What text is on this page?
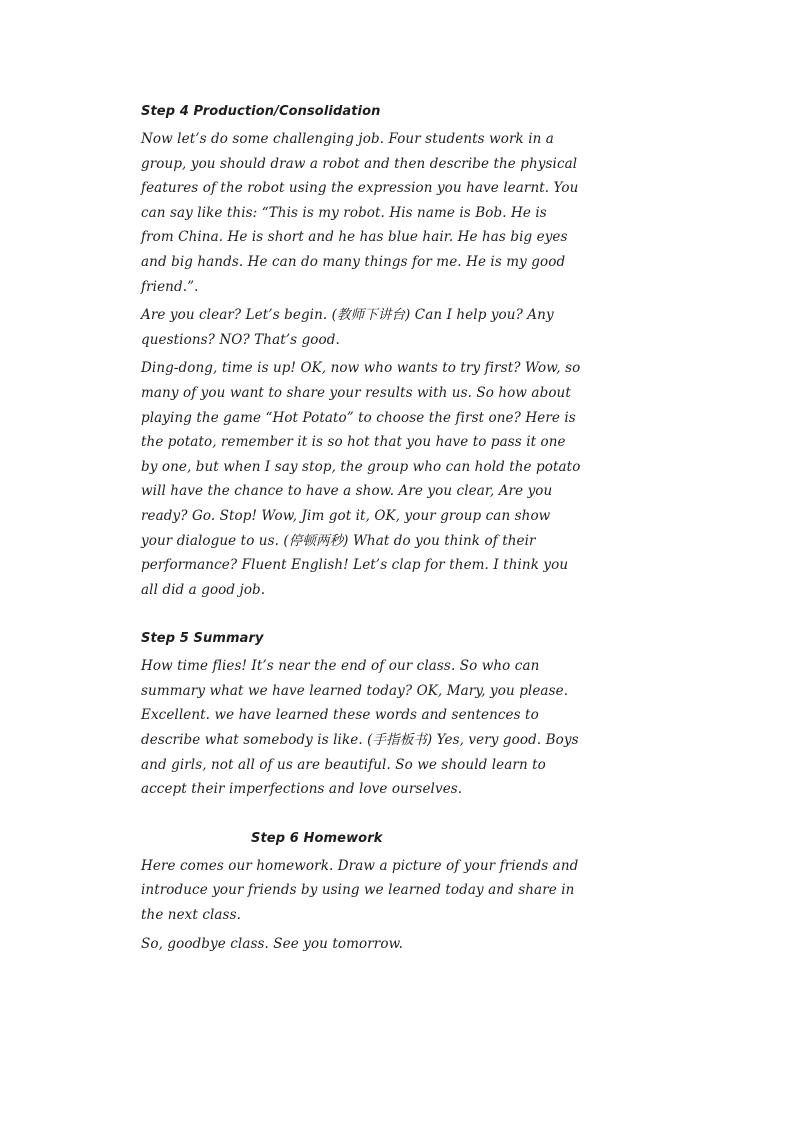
Step 4 Production/Consolidation

Now let’s do some challenging job. Four students work in a group, you should draw a robot and then describe the physical features of the robot using the expression you have learnt. You can say like this: “This is my robot. His name is Bob. He is from China. He is short and he has blue hair. He has big eyes and big hands. He can do many things for me. He is my good friend.”.

Are you clear? Let’s begin. (教师下讲台) Can I help you? Any questions? NO? That’s good.

Ding-dong, time is up! OK, now who wants to try first? Wow, so many of you want to share your results with us. So how about playing the game “Hot Potato” to choose the first one? Here is the potato, remember it is so hot that you have to pass it one by one, but when I say stop, the group who can hold the potato will have the chance to have a show. Are you clear, Are you ready? Go. Stop! Wow, Jim got it, OK, your group can show your dialogue to us. (停顿两秒) What do you think of their performance? Fluent English! Let’s clap for them. I think you all did a good job.

Step 5 Summary

How time flies! It’s near the end of our class. So who can summary what we have learned today? OK, Mary, you please. Excellent. we have learned these words and sentences to describe what somebody is like. (手指板书) Yes, very good. Boys and girls, not all of us are beautiful. So we should learn to accept their imperfections and love ourselves.

Step 6 Homework

Here comes our homework. Draw a picture of your friends and introduce your friends by using we learned today and share in the next class.

So, goodbye class. See you tomorrow.
